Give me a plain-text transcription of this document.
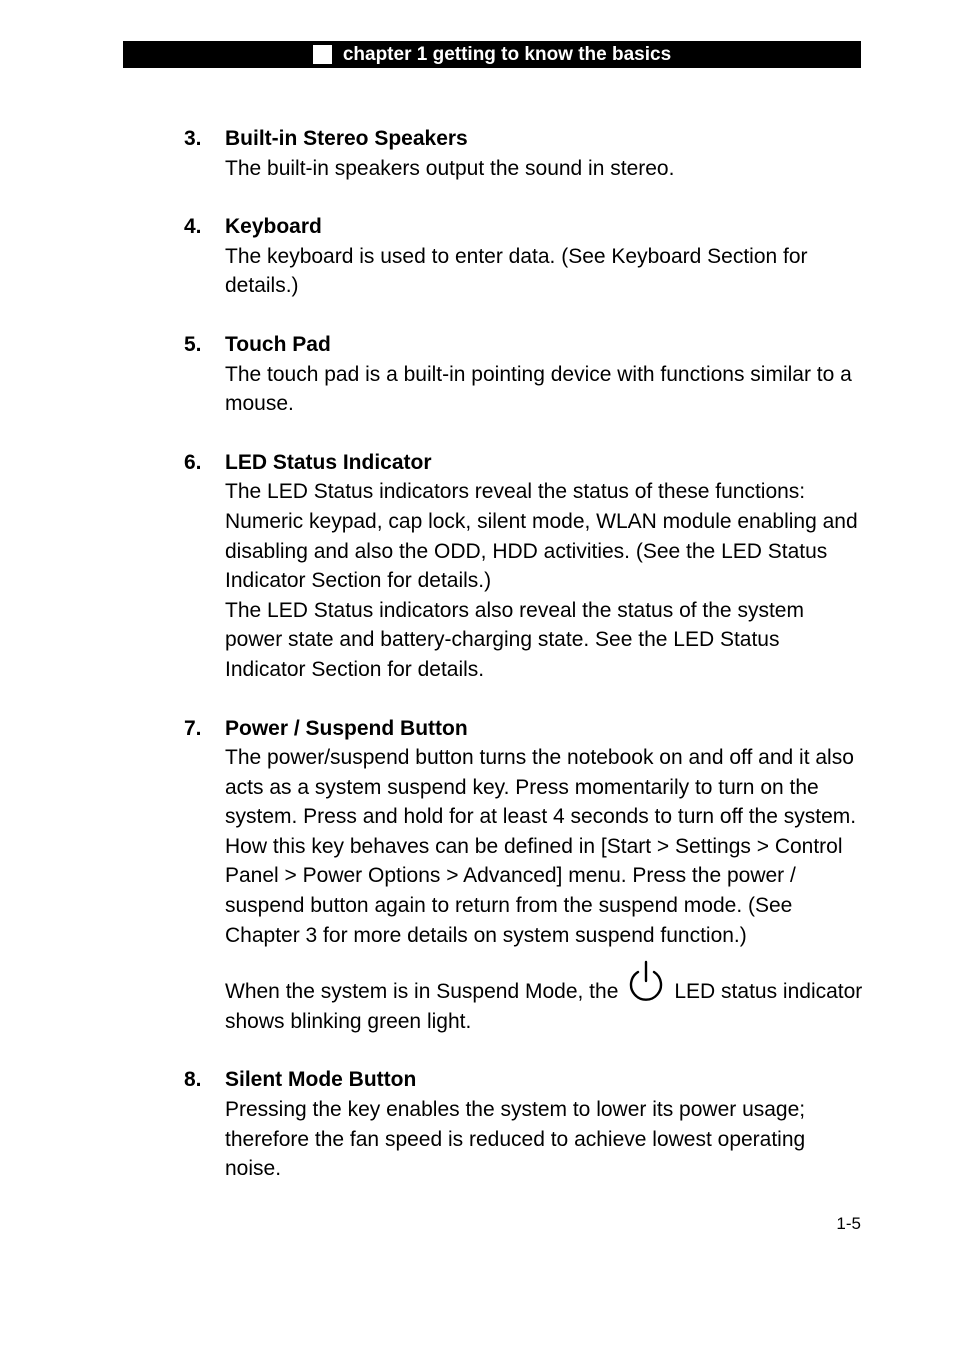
chapter 1 getting to know the basics
3. Built-in Stereo Speakers
The built-in speakers output the sound in stereo.
4. Keyboard
The keyboard is used to enter data. (See Keyboard Section for details.)
5. Touch Pad
The touch pad is a built-in pointing device with functions similar to a mouse.
6. LED Status Indicator
The LED Status indicators reveal the status of these functions: Numeric keypad, cap lock, silent mode, WLAN module enabling and disabling and also the ODD, HDD activities. (See the LED Status Indicator Section for details.)
The LED Status indicators also reveal the status of the system power state and battery-charging state. See the LED Status Indicator Section for details.
7. Power / Suspend Button
The power/suspend button turns the notebook on and off and it also acts as a system suspend key. Press momentarily to turn on the system. Press and hold for at least 4 seconds to turn off the system. How this key behaves can be defined in [Start > Settings > Control Panel > Power Options > Advanced] menu. Press the power / suspend button again to return from the suspend mode. (See Chapter 3 for more details on system suspend function.)
When the system is in Suspend Mode, the	LED status indicator shows blinking green light.
8. Silent Mode Button
Pressing the key enables the system to lower its power usage; therefore the fan speed is reduced to achieve lowest operating noise.
1-5
